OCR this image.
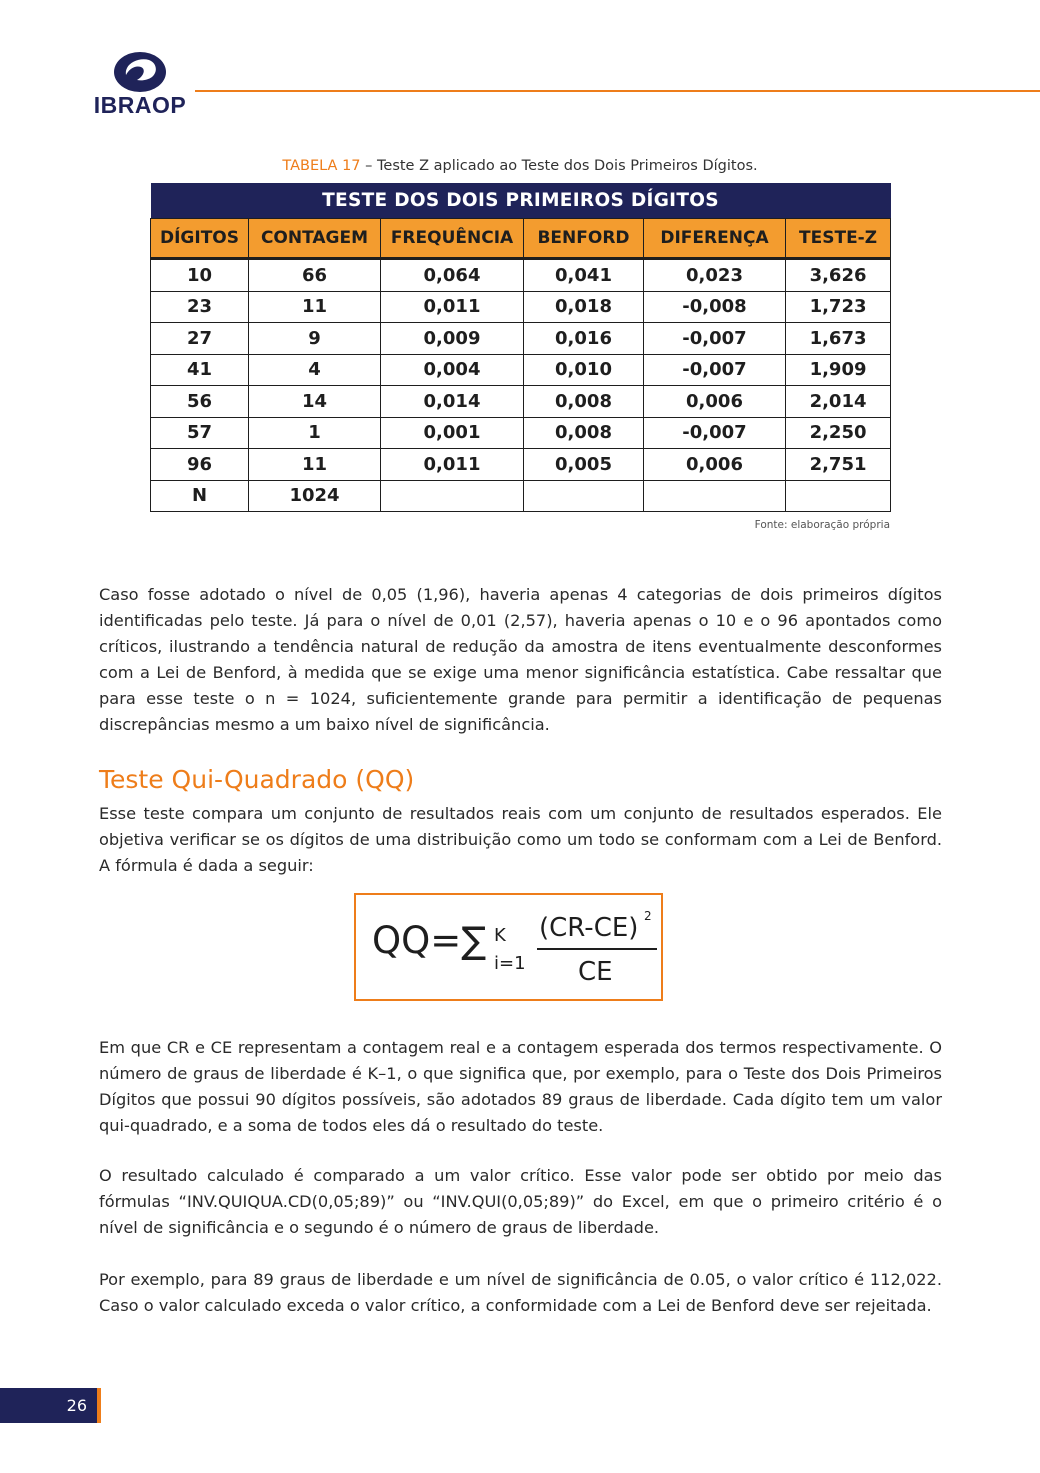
IBRAOP
TABELA 17 – Teste Z aplicado ao Teste dos Dois Primeiros Dígitos.
TESTE DOS DOIS PRIMEIROS DÍGITOS					
DÍGITOS	CONTAGEM	FREQUÊNCIA	BENFORD	DIFERENÇA	TESTE-Z
10	66	0,064	0,041	0,023	3,626
23	11	0,011	0,018	-0,008	1,723
27	9	0,009	0,016	-0,007	1,673
41	4	0,004	0,010	-0,007	1,909
56	14	0,014	0,008	0,006	2,014
57	1	0,001	0,008	-0,007	2,250
96	11	0,011	0,005	0,006	2,751
N	1024				
Fonte: elaboração própria

Caso fosse adotado o nível de 0,05 (1,96), haveria apenas 4 categorias de dois primeiros dígitos identificadas pelo teste. Já para o nível de 0,01 (2,57), haveria apenas o 10 e o 96 apontados como críticos, ilustrando a tendência natural de redução da amostra de itens eventualmente desconformes com a Lei de Benford, à medida que se exige uma menor significância estatística. Cabe ressaltar que para esse teste o n = 1024, suficientemente grande para permitir a identificação de pequenas discrepâncias mesmo a um baixo nível de significância.

Teste Qui-Quadrado (QQ)

Esse teste compara um conjunto de resultados reais com um conjunto de resultados esperados. Ele objetiva verificar se os dígitos de uma distribuição como um todo se conformam com a Lei de Benford. A fórmula é dada a seguir:

QQ=∑ K
i=1
(CR-CE) 2
CE

Em que CR e CE representam a contagem real e a contagem esperada dos termos respectivamente. O número de graus de liberdade é K–1, o que significa que, por exemplo, para o Teste dos Dois Primeiros Dígitos que possui 90 dígitos possíveis, são adotados 89 graus de liberdade. Cada dígito tem um valor qui-quadrado, e a soma de todos eles dá o resultado do teste.

O resultado calculado é comparado a um valor crítico. Esse valor pode ser obtido por meio das fórmulas “INV.QUIQUA.CD(0,05;89)” ou “INV.QUI(0,05;89)” do Excel, em que o primeiro critério é o nível de significância e o segundo é o número de graus de liberdade.

Por exemplo, para 89 graus de liberdade e um nível de significância de 0.05, o valor crítico é 112,022. Caso o valor calculado exceda o valor crítico, a conformidade com a Lei de Benford deve ser rejeitada.

26
